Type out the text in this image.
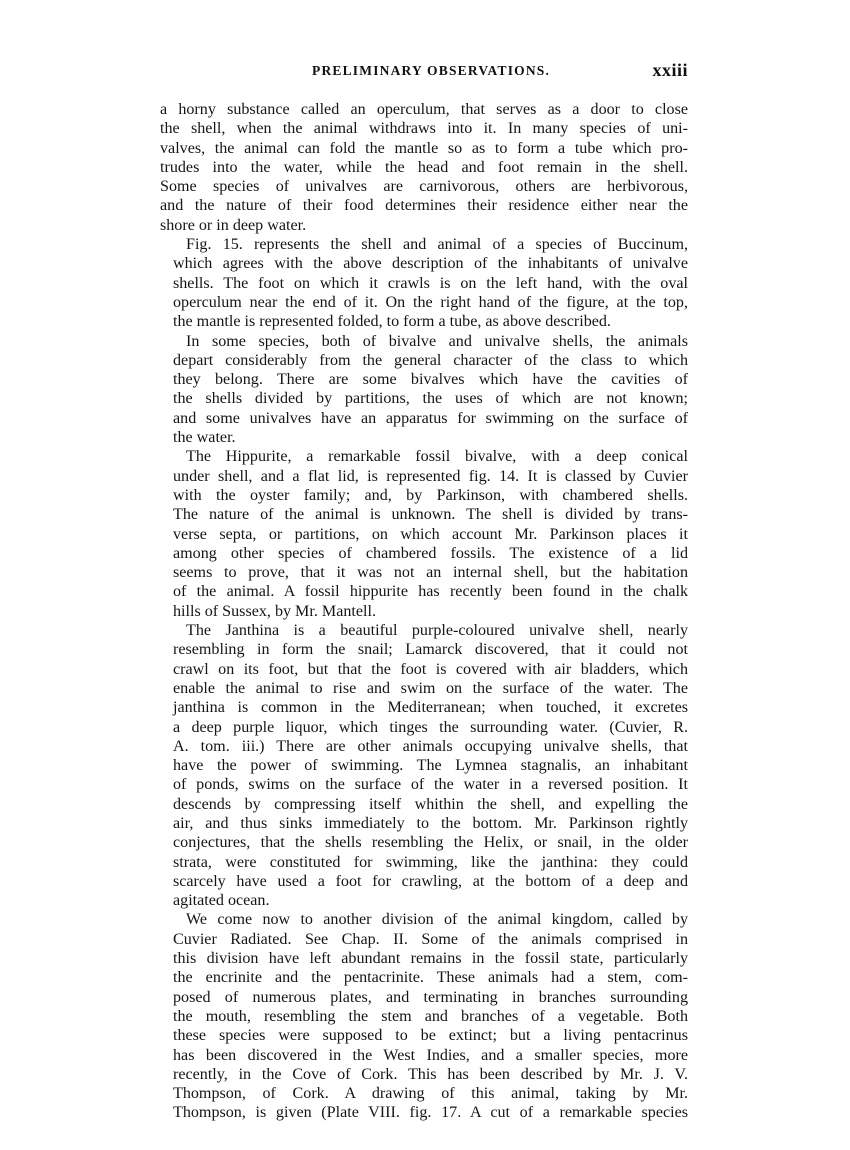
PRELIMINARY OBSERVATIONS.	xxiii

a horny substance called an operculum, that serves as a door to close
the shell, when the animal withdraws into it. In many species of uni-
valves, the animal can fold the mantle so as to form a tube which pro-
trudes into the water, while the head and foot remain in the shell.
Some species of univalves are carnivorous, others are herbivorous,
and the nature of their food determines their residence either near the
shore or in deep water.

Fig. 15. represents the shell and animal of a species of Buccinum,
which agrees with the above description of the inhabitants of univalve
shells. The foot on which it crawls is on the left hand, with the oval
operculum near the end of it. On the right hand of the figure, at the top,
the mantle is represented folded, to form a tube, as above described.

In some species, both of bivalve and univalve shells, the animals
depart considerably from the general character of the class to which
they belong. There are some bivalves which have the cavities of
the shells divided by partitions, the uses of which are not known;
and some univalves have an apparatus for swimming on the surface of
the water.

The Hippurite, a remarkable fossil bivalve, with a deep conical
under shell, and a flat lid, is represented fig. 14. It is classed by Cuvier
with the oyster family; and, by Parkinson, with chambered shells.
The nature of the animal is unknown. The shell is divided by trans-
verse septa, or partitions, on which account Mr. Parkinson places it
among other species of chambered fossils. The existence of a lid
seems to prove, that it was not an internal shell, but the habitation
of the animal. A fossil hippurite has recently been found in the chalk
hills of Sussex, by Mr. Mantell.

The Janthina is a beautiful purple-coloured univalve shell, nearly
resembling in form the snail; Lamarck discovered, that it could not
crawl on its foot, but that the foot is covered with air bladders, which
enable the animal to rise and swim on the surface of the water. The
janthina is common in the Mediterranean; when touched, it excretes
a deep purple liquor, which tinges the surrounding water. (Cuvier, R.
A. tom. iii.) There are other animals occupying univalve shells, that
have the power of swimming. The Lymnea stagnalis, an inhabitant
of ponds, swims on the surface of the water in a reversed position. It
descends by compressing itself whithin the shell, and expelling the
air, and thus sinks immediately to the bottom. Mr. Parkinson rightly
conjectures, that the shells resembling the Helix, or snail, in the older
strata, were constituted for swimming, like the janthina: they could
scarcely have used a foot for crawling, at the bottom of a deep and
agitated ocean.

We come now to another division of the animal kingdom, called by
Cuvier Radiated. See Chap. II. Some of the animals comprised in
this division have left abundant remains in the fossil state, particularly
the encrinite and the pentacrinite. These animals had a stem, com-
posed of numerous plates, and terminating in branches surrounding
the mouth, resembling the stem and branches of a vegetable. Both
these species were supposed to be extinct; but a living pentacrinus
has been discovered in the West Indies, and a smaller species, more
recently, in the Cove of Cork. This has been described by Mr. J. V.
Thompson, of Cork. A drawing of this animal, taking by Mr.
Thompson, is given (Plate VIII. fig. 17. A cut of a remarkable species
